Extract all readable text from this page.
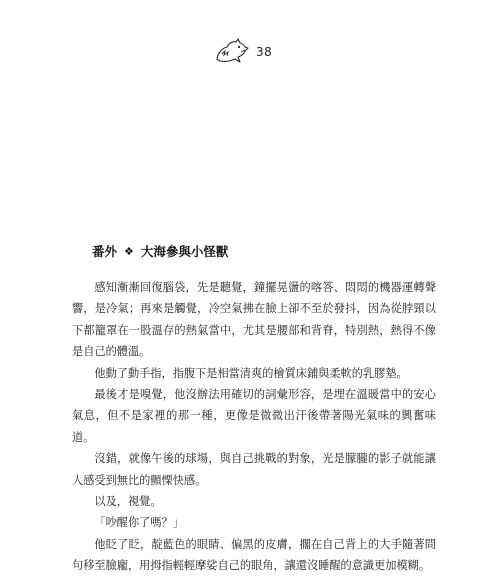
38
番外 ❖ 大海參與小怪獸

感知漸漸回復腦袋，先是聽覺，鐘擺晃盪的喀答、悶悶的機器運轉聲響，是冷氣；再來是觸覺，冷空氣拂在臉上卻不至於發抖，因為從脖頸以下都籠罩在一股溫存的熱氣當中，尤其是腰部和背脊，特別熱，熱得不像是自己的體溫。

他動了動手指，指腹下是相當清爽的檜質床鋪與柔軟的乳膠墊。

最後才是嗅覺，他沒辦法用確切的詞彙形容，是埋在溫暖當中的安心氣息，但不是家裡的那一種，更像是微微出汗後帶著陽光氣味的興奮味道。

沒錯，就像午後的球場，與自己挑戰的對象，光是朦朧的影子就能讓人感受到無比的顫慄快感。

以及，視覺。

「吵醒你了嗎？」

他眨了眨，靛藍色的眼睛、偏黑的皮膚，擱在自己背上的大手隨著問句移至臉龐，用拇指輕輕摩娑自己的眼角，讓還沒睡醒的意識更加模糊。
